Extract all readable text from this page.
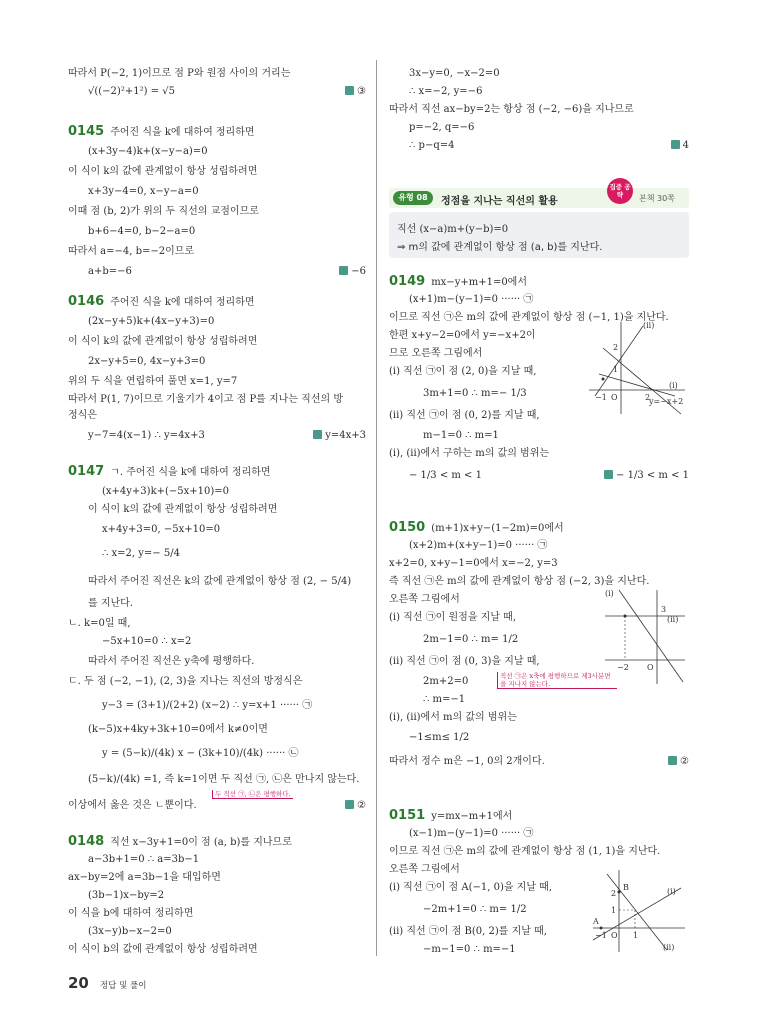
따라서 P(−2, 1)이므로 점 P와 원점 사이의 거리는
√((−2)²+1²) = √5	③
0145 주어진 식을 k에 대하여 정리하면
(x+3y−4)k+(x−y−a)=0
이 식이 k의 값에 관계없이 항상 성립하려면
x+3y−4=0, x−y−a=0
이때 점 (b, 2)가 위의 두 직선의 교점이므로
b+6−4=0, b−2−a=0
따라서 a=−4, b=−2이므로
a+b=−6	−6
0146 주어진 식을 k에 대하여 정리하면
(2x−y+5)k+(4x−y+3)=0
이 식이 k의 값에 관계없이 항상 성립하려면
2x−y+5=0, 4x−y+3=0
위의 두 식을 연립하여 풀면 x=1, y=7
따라서 P(1, 7)이므로 기울기가 4이고 점 P를 지나는 직선의 방
정식은
y−7=4(x−1) ∴ y=4x+3	y=4x+3
0147 ㄱ. 주어진 식을 k에 대하여 정리하면
(x+4y+3)k+(−5x+10)=0
이 식이 k의 값에 관계없이 항상 성립하려면
x+4y+3=0, −5x+10=0
∴ x=2, y=− 5/4
따라서 주어진 직선은 k의 값에 관계없이 항상 점 (2, − 5/4)
를 지난다.
ㄴ. k=0일 때,
−5x+10=0 ∴ x=2
따라서 주어진 직선은 y축에 평행하다.
ㄷ. 두 점 (−2, −1), (2, 3)을 지나는 직선의 방정식은
y−3 = (3+1)/(2+2) (x−2) ∴ y=x+1 ······ ㉠
(k−5)x+4ky+3k+10=0에서 k≠0이면
y = (5−k)/(4k) x − (3k+10)/(4k) ······ ㉡
(5−k)/(4k) =1, 즉 k=1이면 두 직선 ㉠, ㉡은 만나지 않는다.
두 직선 ㉠, ㉡은 평행하다.
이상에서 옳은 것은 ㄴ뿐이다.	②
0148 직선 x−3y+1=0이 점 (a, b)를 지나므로
a−3b+1=0 ∴ a=3b−1
ax−by=2에 a=3b−1을 대입하면
(3b−1)x−by=2
이 식을 b에 대하여 정리하면
(3x−y)b−x−2=0
이 식이 b의 값에 관계없이 항상 성립하려면
3x−y=0, −x−2=0
∴ x=−2, y=−6
따라서 직선 ax−by=2는 항상 점 (−2, −6)을 지나므로
p=−2, q=−6
∴ p−q=4	4
유형 08	정점을 지나는 직선의 활용
집중 공략	본책 30쪽
직선 (x−a)m+(y−b)=0
⇒ m의 값에 관계없이 항상 점 (a, b)를 지난다.
0149 mx−y+m+1=0에서
(x+1)m−(y−1)=0 ······ ㉠
이므로 직선 ㉠은 m의 값에 관계없이 항상 점 (−1, 1)을 지난다.
한편 x+y−2=0에서 y=−x+2이
므로 오른쪽 그림에서
(i) 직선 ㉠이 점 (2, 0)을 지날 때,
3m+1=0 ∴ m=− 1/3
(ii) 직선 ㉠이 점 (0, 2)를 지날 때,
m−1=0 ∴ m=1
(i), (ii)에서 구하는 m의 값의 범위는
− 1/3 < m < 1	− 1/3 < m < 1
(ii)
(i)
y=−x+2
−1 O	2
1
2
0150 (m+1)x+y−(1−2m)=0에서
(x+2)m+(x+y−1)=0 ······ ㉠
x+2=0, x+y−1=0에서 x=−2, y=3
즉 직선 ㉠은 m의 값에 관계없이 항상 점 (−2, 3)을 지난다.
오른쪽 그림에서
(i) 직선 ㉠이 원점을 지날 때,
2m−1=0 ∴ m= 1/2
(ii) 직선 ㉠이 점 (0, 3)을 지날 때,
2m+2=0	직선 ㉠은 x축에 평행하므로 제3사분면을 지나지 않는다.
∴ m=−1
(i), (ii)에서 m의 값의 범위는
−1≤m≤ 1/2
따라서 정수 m은 −1, 0의 2개이다.	②
(i)
(ii)
3
−2 O
0151 y=mx−m+1에서
(x−1)m−(y−1)=0 ······ ㉠
이므로 직선 ㉠은 m의 값에 관계없이 항상 점 (1, 1)을 지난다.
오른쪽 그림에서
(i) 직선 ㉠이 점 A(−1, 0)을 지날 때,
−2m+1=0 ∴ m= 1/2
(ii) 직선 ㉠이 점 B(0, 2)를 지날 때,
−m−1=0 ∴ m=−1
A
B	(i)
(ii)
2
1
−1 O 1
20 정답 및 풀이
